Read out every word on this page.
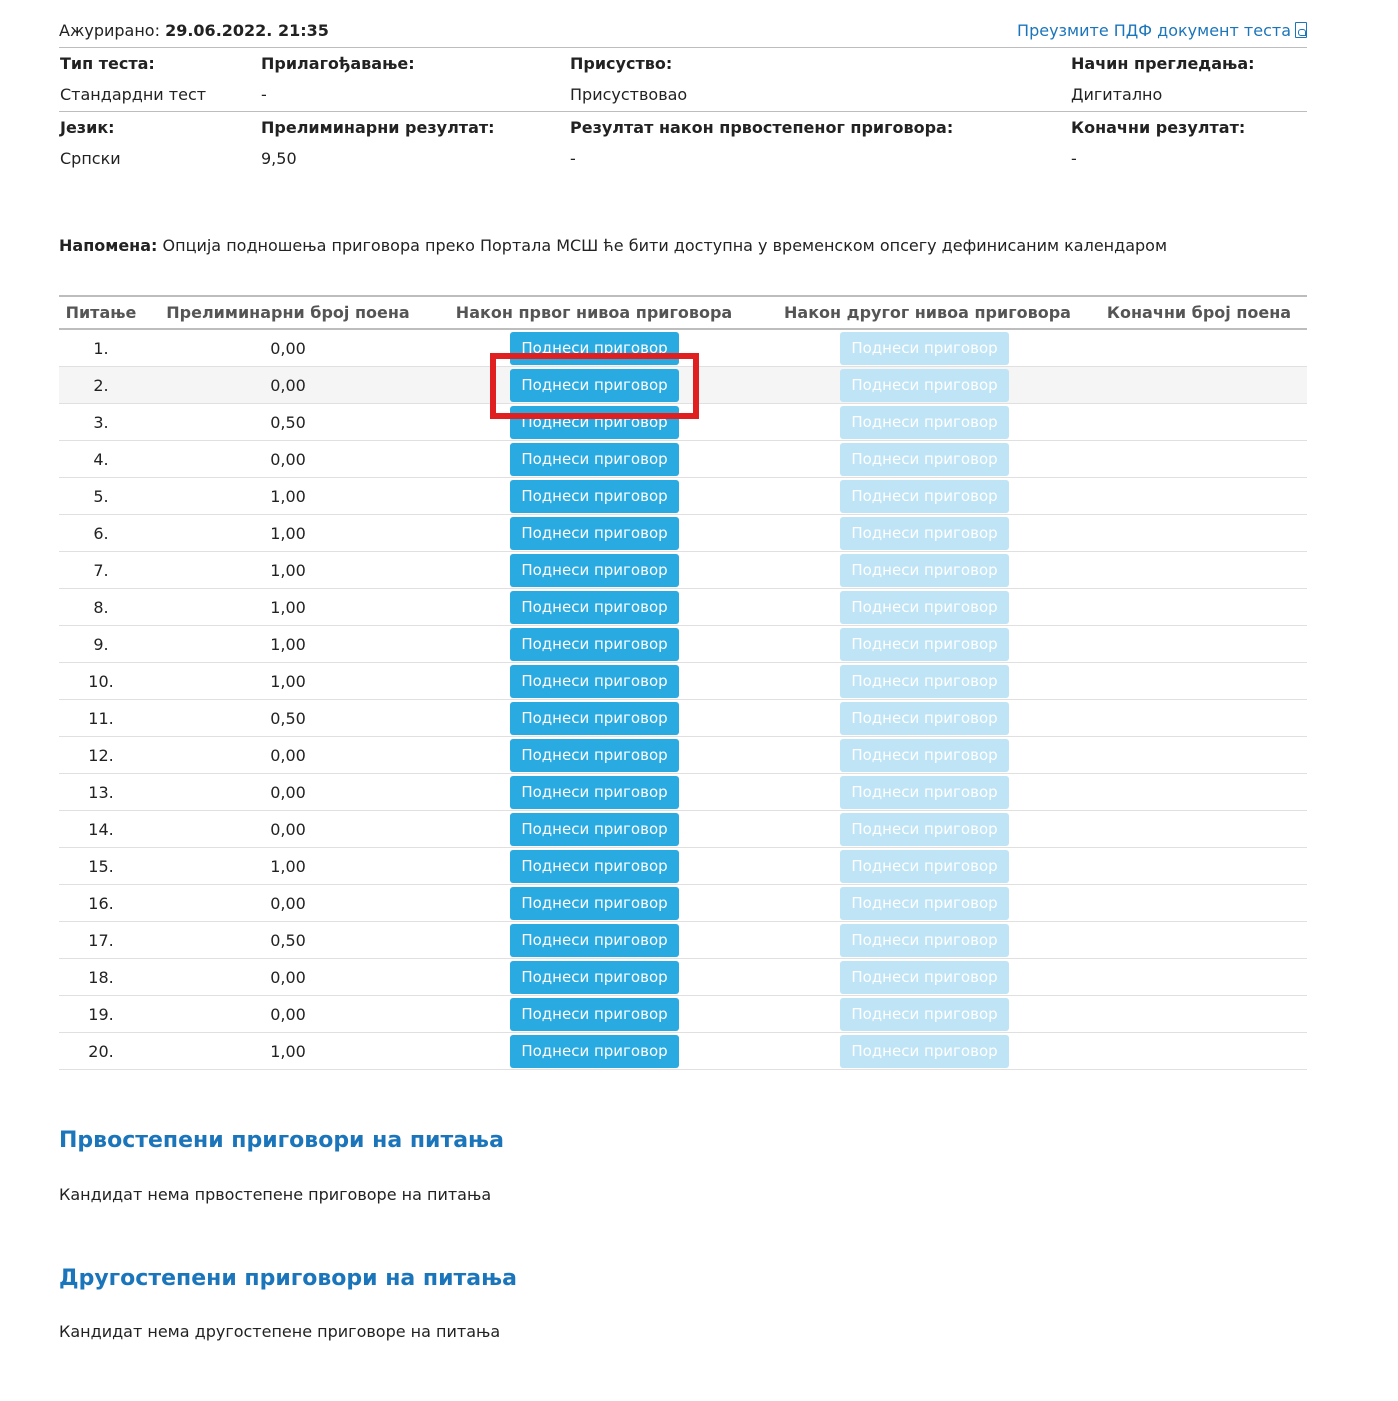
Ажурирано: 29.06.2022. 21:35	Преузмите ПДФ документ теста
Тип теста:
Стандардни тест
Прилагођавање:
-
Присуство:
Присуствовао
Начин прегледања:
Дигитално
Језик:
Српски
Прелиминарни резултат:
9,50
Резултат након првостепеног приговора:
-
Коначни резултат:
-
Напомена: Опција подношења приговора преко Портала МСШ ће бити доступна у временском опсегу дефинисаним календаром
Питање	Прелиминарни број поена	Након првог нивоа приговора	Након другог нивоа приговора	Коначни број поена
1.	0,00	Поднеси приговор	Поднеси приговор
2.	0,00	Поднеси приговор	Поднеси приговор
3.	0,50	Поднеси приговор	Поднеси приговор
4.	0,00	Поднеси приговор	Поднеси приговор
5.	1,00	Поднеси приговор	Поднеси приговор
6.	1,00	Поднеси приговор	Поднеси приговор
7.	1,00	Поднеси приговор	Поднеси приговор
8.	1,00	Поднеси приговор	Поднеси приговор
9.	1,00	Поднеси приговор	Поднеси приговор
10.	1,00	Поднеси приговор	Поднеси приговор
11.	0,50	Поднеси приговор	Поднеси приговор
12.	0,00	Поднеси приговор	Поднеси приговор
13.	0,00	Поднеси приговор	Поднеси приговор
14.	0,00	Поднеси приговор	Поднеси приговор
15.	1,00	Поднеси приговор	Поднеси приговор
16.	0,00	Поднеси приговор	Поднеси приговор
17.	0,50	Поднеси приговор	Поднеси приговор
18.	0,00	Поднеси приговор	Поднеси приговор
19.	0,00	Поднеси приговор	Поднеси приговор
20.	1,00	Поднеси приговор	Поднеси приговор
Првостепени приговори на питања
Кандидат нема првостепене приговоре на питања
Другостепени приговори на питања
Кандидат нема другостепене приговоре на питања
